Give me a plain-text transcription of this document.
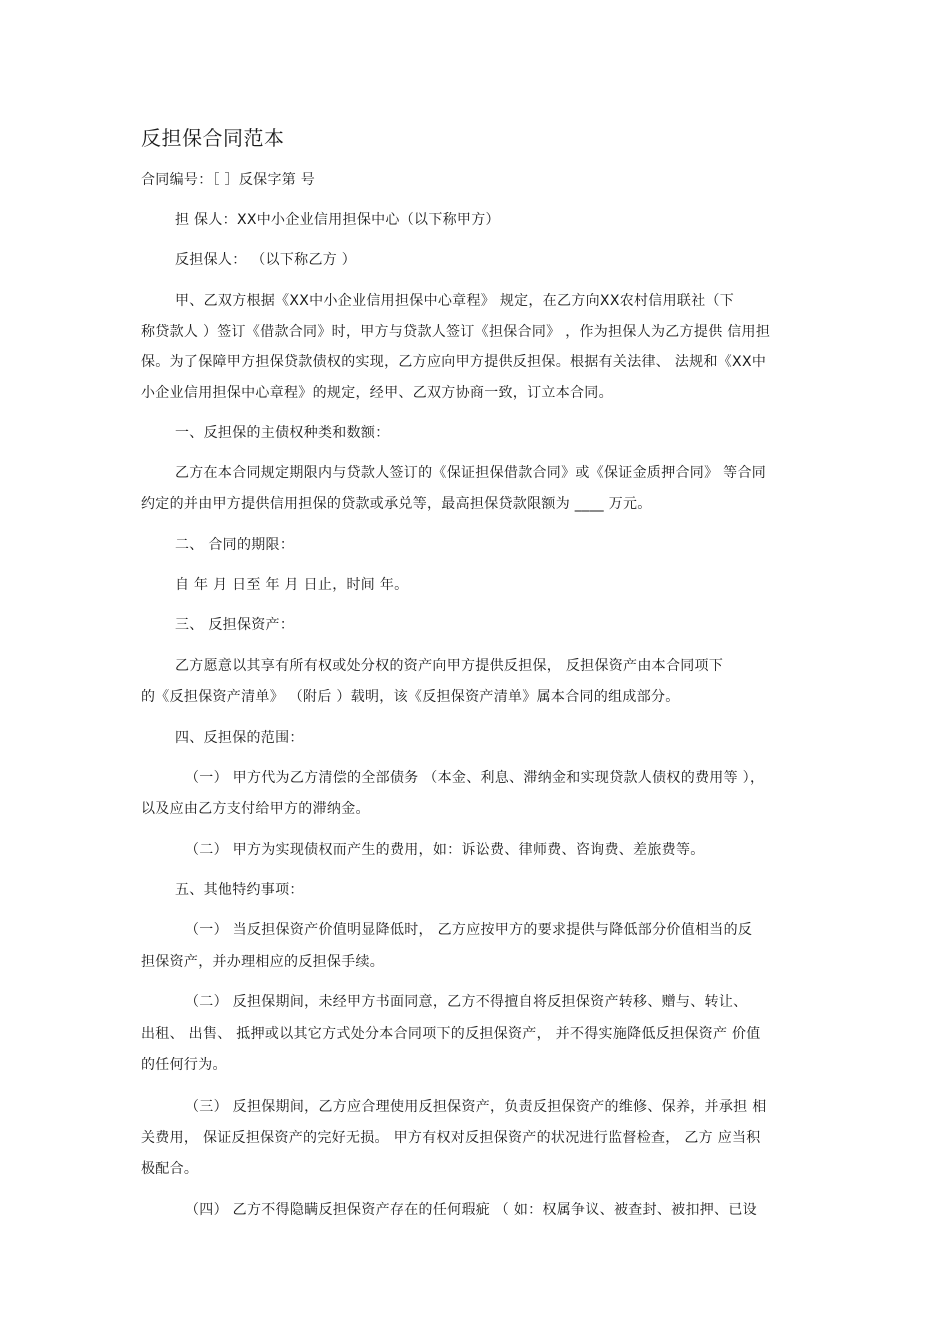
反担保合同范本
合同编号：［ ］反保字第 号
担 保人：XX中小企业信用担保中心（以下称甲方）
反担保人： （以下称乙方 ）
甲、乙双方根据《XX中小企业信用担保中心章程》 规定，在乙方向XX农村信用联社（下
称贷款人 ）签订《借款合同》时，甲方与贷款人签订《担保合同》 ，作为担保人为乙方提供 信用担
保。为了保障甲方担保贷款债权的实现，乙方应向甲方提供反担保。根据有关法律、 法规和《XX中
小企业信用担保中心章程》的规定，经甲、乙双方协商一致，订立本合同。
一、反担保的主债权种类和数额：
乙方在本合同规定期限内与贷款人签订的《保证担保借款合同》或《保证金质押合同》 等合同
约定的并由甲方提供信用担保的贷款或承兑等，最高担保贷款限额为 ____ 万元。
二、 合同的期限：
自 年 月 日至 年 月 日止，时间 年。
三、 反担保资产：
乙方愿意以其享有所有权或处分权的资产向甲方提供反担保， 反担保资产由本合同项下
的《反担保资产清单》 （附后 ）载明，该《反担保资产清单》属本合同的组成部分。
四、反担保的范围：
（一） 甲方代为乙方清偿的全部债务 （本金、利息、滞纳金和实现贷款人债权的费用等 ），
以及应由乙方支付给甲方的滞纳金。
（二） 甲方为实现债权而产生的费用，如：诉讼费、律师费、咨询费、差旅费等。
五、其他特约事项：
（一） 当反担保资产价值明显降低时， 乙方应按甲方的要求提供与降低部分价值相当的反
担保资产，并办理相应的反担保手续。
（二） 反担保期间，未经甲方书面同意，乙方不得擅自将反担保资产转移、赠与、转让、
出租、 出售、 抵押或以其它方式处分本合同项下的反担保资产， 并不得实施降低反担保资产 价值
的任何行为。
（三） 反担保期间，乙方应合理使用反担保资产，负责反担保资产的维修、保养，并承担 相
关费用， 保证反担保资产的完好无损。 甲方有权对反担保资产的状况进行监督检查， 乙方 应当积
极配合。
（四） 乙方不得隐瞒反担保资产存在的任何瑕疵 （ 如：权属争议、被查封、被扣押、已设
